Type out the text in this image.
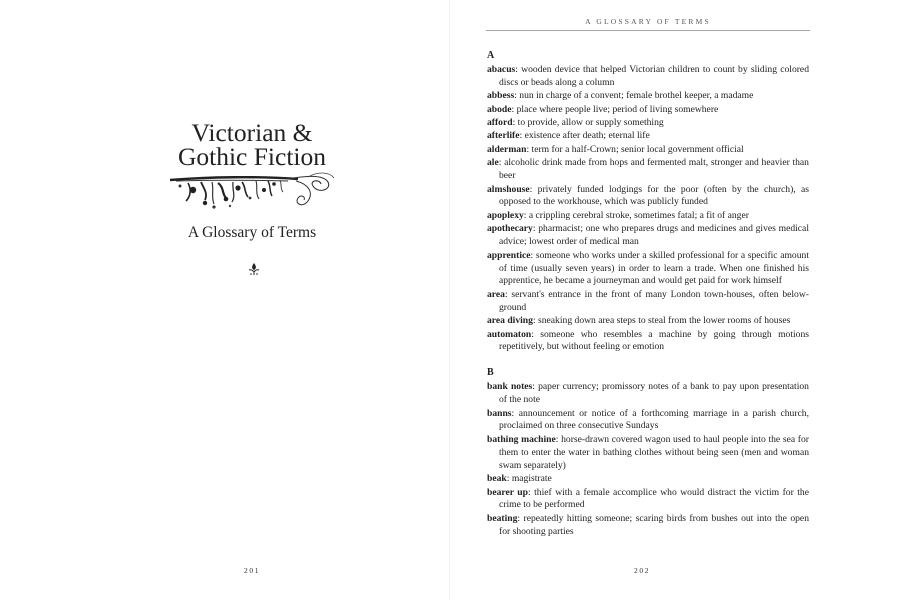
Victorian &
Gothic Fiction
A Glossary of Terms
201
A GLOSSARY OF TERMS
A
abacus: wooden device that helped Victorian children to count by sliding colored discs or beads along a column
abbess: nun in charge of a convent; female brothel keeper, a madame
abode: place where people live; period of living somewhere
afford: to provide, allow or supply something
afterlife: existence after death; eternal life
alderman: term for a half-Crown; senior local government official
ale: alcoholic drink made from hops and fermented malt, stronger and heavier than beer
almshouse: privately funded lodgings for the poor (often by the church), as opposed to the workhouse, which was publicly funded
apoplexy: a crippling cerebral stroke, sometimes fatal; a fit of anger
apothecary: pharmacist; one who prepares drugs and medicines and gives medical advice; lowest order of medical man
apprentice: someone who works under a skilled professional for a specific amount of time (usually seven years) in order to learn a trade. When one finished his apprentice, he became a journeyman and would get paid for work himself
area: servant's entrance in the front of many London town-houses, often below-ground
area diving: sneaking down area steps to steal from the lower rooms of houses
automaton: someone who resembles a machine by going through motions repetitively, but without feeling or emotion
B
bank notes: paper currency; promissory notes of a bank to pay upon presentation of the note
banns: announcement or notice of a forthcoming marriage in a parish church, proclaimed on three consecutive Sundays
bathing machine: horse-drawn covered wagon used to haul people into the sea for them to enter the water in bathing clothes without being seen (men and woman swam separately)
beak: magistrate
bearer up: thief with a female accomplice who would distract the victim for the crime to be performed
beating: repeatedly hitting someone; scaring birds from bushes out into the open for shooting parties
202
